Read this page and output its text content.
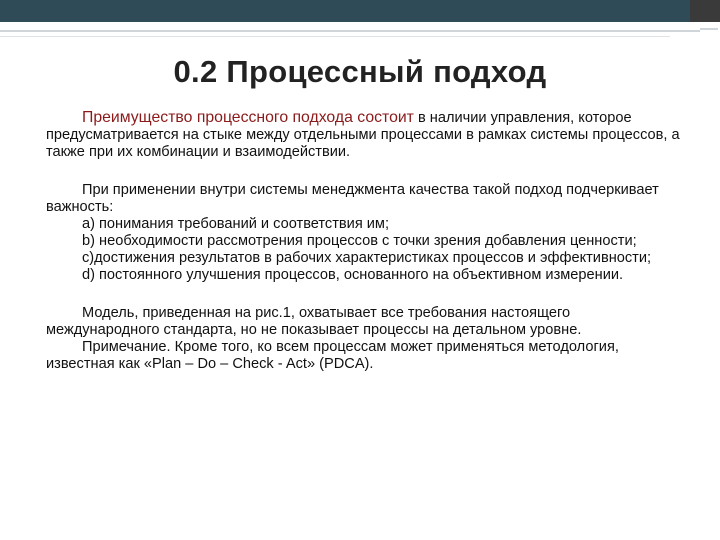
0.2 Процессный подход

Преимущество процессного подхода состоит в наличии управления, которое предусматривается на стыке между отдельными процессами в рамках системы процессов, а также при их комбинации и взаимодействии.

При применении внутри системы менеджмента качества такой подход подчеркивает важность:

a) понимания требований и соответствия им;

b) необходимости рассмотрения процессов с точки зрения добавления ценности;

c)достижения результатов в рабочих характеристиках процессов и эффективности;

d) постоянного улучшения процессов, основанного на объективном измерении.

Модель, приведенная на рис.1, охватывает все требования настоящего международного стандарта, но не показывает процессы на детальном уровне.

Примечание. Кроме того, ко всем процессам может применяться методология, известная как «Plan – Do – Check - Act» (PDCA).
